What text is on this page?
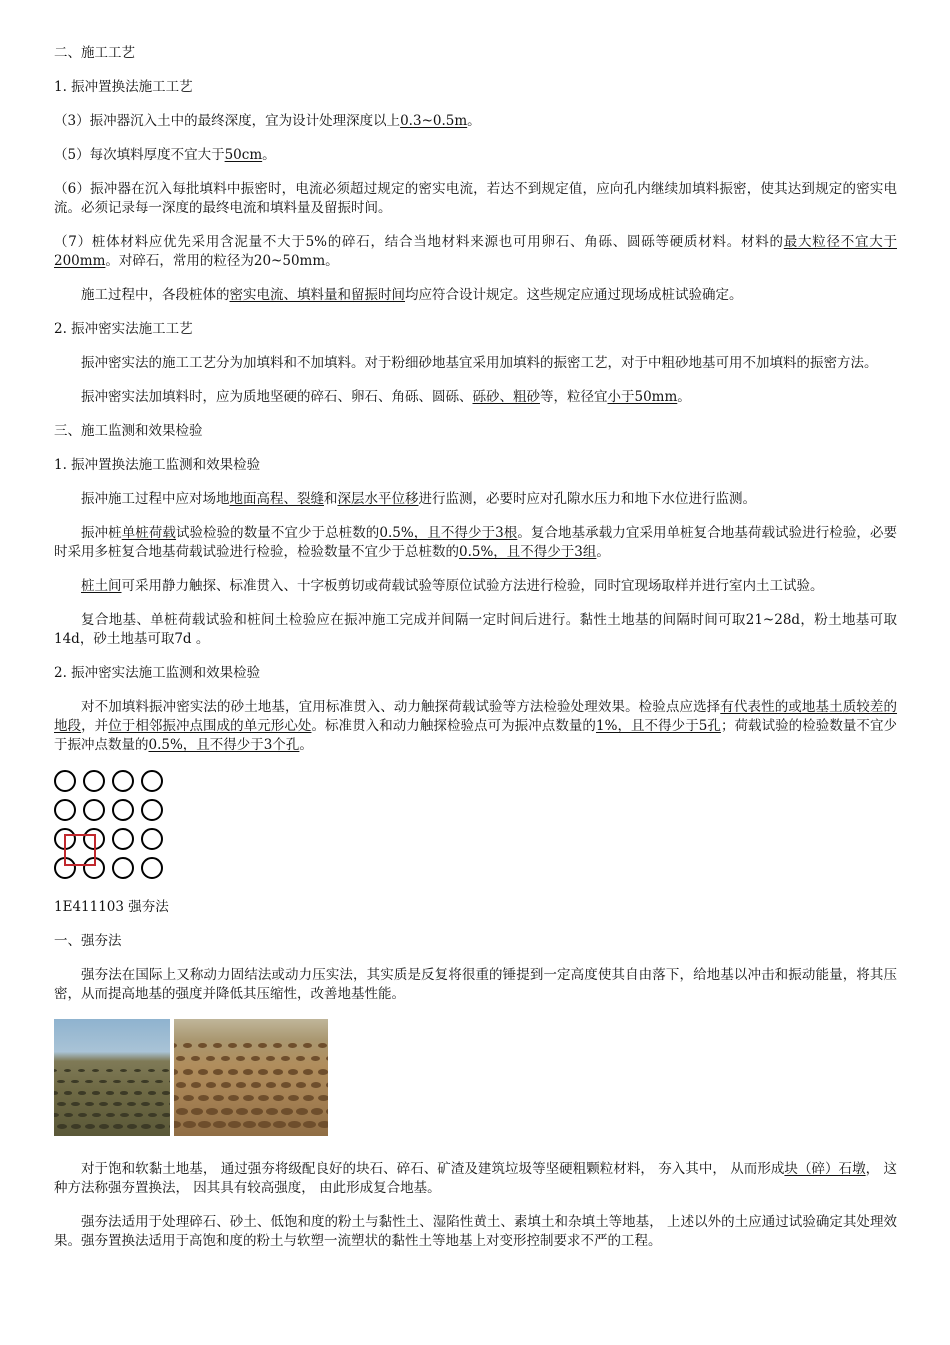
二、施工工艺

1. 振冲置换法施工工艺

（3）振冲器沉入土中的最终深度，宜为设计处理深度以上0.3~0.5m。

（5）每次填料厚度不宜大于50cm。

（6）振冲器在沉入每批填料中振密时，电流必须超过规定的密实电流，若达不到规定值，应向孔内继续加填料振密，使其达到规定的密实电流。必须记录每一深度的最终电流和填料量及留振时间。

（7）桩体材料应优先采用含泥量不大于5%的碎石，结合当地材料来源也可用卵石、角砾、圆砾等硬质材料。材料的最大粒径不宜大于200mm。对碎石，常用的粒径为20~50mm。

施工过程中，各段桩体的密实电流、填料量和留振时间均应符合设计规定。这些规定应通过现场成桩试验确定。

2. 振冲密实法施工工艺

振冲密实法的施工工艺分为加填料和不加填料。对于粉细砂地基宜采用加填料的振密工艺，对于中粗砂地基可用不加填料的振密方法。

振冲密实法加填料时，应为质地坚硬的碎石、卵石、角砾、圆砾、砾砂、粗砂等，粒径宜小于50mm。

三、施工监测和效果检验

1. 振冲置换法施工监测和效果检验

振冲施工过程中应对场地地面高程、裂缝和深层水平位移进行监测，必要时应对孔隙水压力和地下水位进行监测。

振冲桩单桩荷载试验检验的数量不宜少于总桩数的0.5%，且不得少于3根。复合地基承载力宜采用单桩复合地基荷载试验进行检验，必要时采用多桩复合地基荷载试验进行检验，检验数量不宜少于总桩数的0.5%，且不得少于3组。

桩土间可采用静力触探、标准贯入、十字板剪切或荷载试验等原位试验方法进行检验，同时宜现场取样并进行室内土工试验。

复合地基、单桩荷载试验和桩间土检验应在振冲施工完成并间隔一定时间后进行。黏性土地基的间隔时间可取21~28d，粉土地基可取14d，砂土地基可取7d 。

2. 振冲密实法施工监测和效果检验

对不加填料振冲密实法的砂土地基，宜用标准贯入、动力触探荷载试验等方法检验处理效果。检验点应选择有代表性的或地基土质较差的地段，并位于相邻振冲点围成的单元形心处。标准贯入和动力触探检验点可为振冲点数量的1%，且不得少于5孔；荷载试验的检验数量不宜少于振冲点数量的0.5%，且不得少于3个孔。

1E411103 强夯法

一、强夯法

强夯法在国际上又称动力固结法或动力压实法，其实质是反复将很重的锤提到一定高度使其自由落下，给地基以冲击和振动能量，将其压密，从而提高地基的强度并降低其压缩性，改善地基性能。

对于饱和软黏土地基， 通过强夯将级配良好的块石、碎石、矿渣及建筑垃圾等坚硬粗颗粒材料， 夯入其中， 从而形成块（碎）石墩， 这种方法称强夯置换法， 因其具有较高强度， 由此形成复合地基。

强夯法适用于处理碎石、砂土、低饱和度的粉土与黏性土、湿陷性黄土、素填土和杂填土等地基， 上述以外的土应通过试验确定其处理效果。强夯置换法适用于高饱和度的粉土与软塑一流塑状的黏性土等地基上对变形控制要求不严的工程。
